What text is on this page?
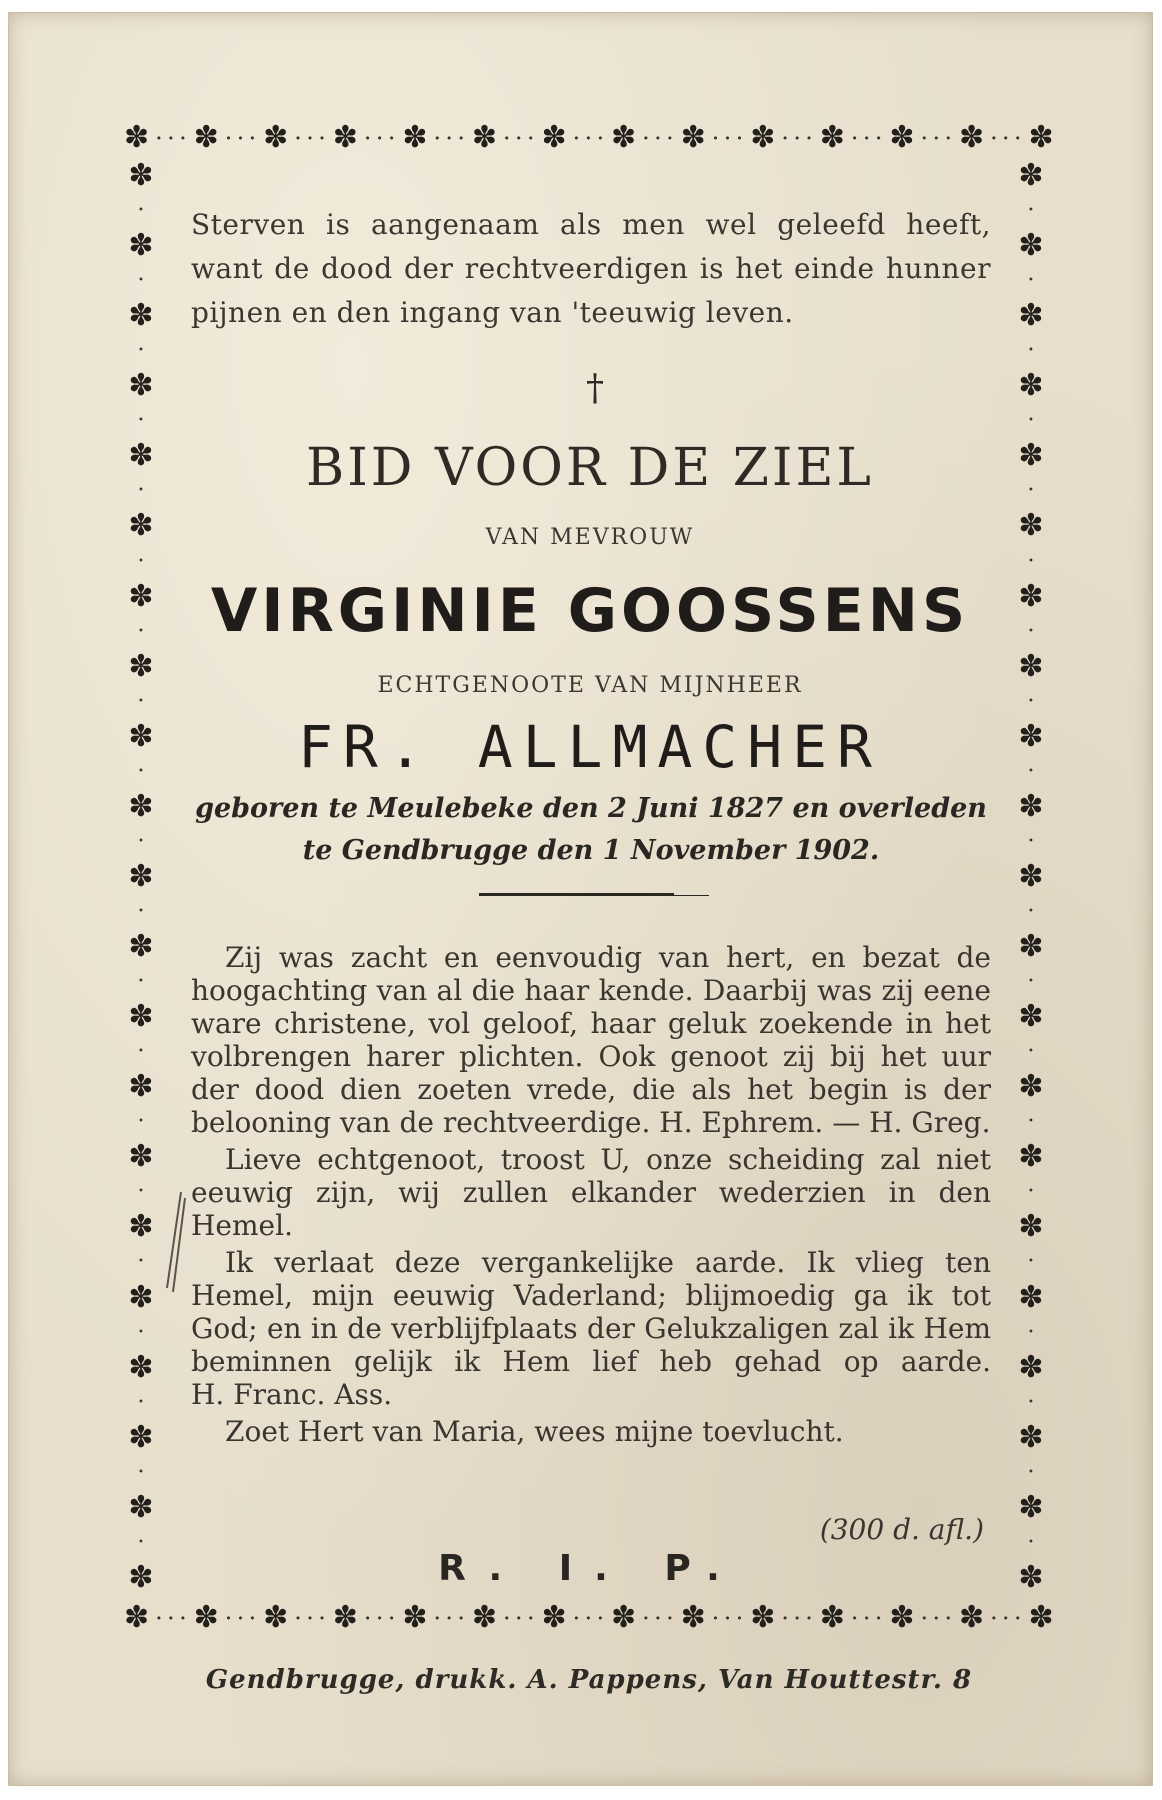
✽ • • • ✽ • • • ✽ • • • ✽ • • • ✽ • • • ✽ • • • ✽ • • • ✽ • • • ✽ • • • ✽ • • • ✽ • • • ✽ • • • ✽ • • • ✽
✽ • • • ✽ • • • ✽ • • • ✽ • • • ✽ • • • ✽ • • • ✽ • • • ✽ • • • ✽ • • • ✽ • • • ✽ • • • ✽ • • • ✽ • • • ✽
✽
•
✽
•
✽
•
✽
•
✽
•
✽
•
✽
•
✽
•
✽
•
✽
•
✽
•
✽
•
✽
•
✽
•
✽
•
✽
•
✽
•
✽
•
✽
•
✽
•
✽
✽
•
✽
•
✽
•
✽
•
✽
•
✽
•
✽
•
✽
•
✽
•
✽
•
✽
•
✽
•
✽
•
✽
•
✽
•
✽
•
✽
•
✽
•
✽
•
✽
•
✽
Sterven is aangenaam als men wel geleefd heeft, want de dood der rechtveerdigen is het einde hunner pijnen en den ingang van 'teeuwig leven.
†
BID VOOR DE ZIEL
VAN MEVROUW
VIRGINIE GOOSSENS
ECHTGENOOTE VAN MIJNHEER
FR. ALLMACHER
geboren te Meulebeke den 2 Juni 1827 en overleden te Gendbrugge den 1 November 1902.

Zij was zacht en eenvoudig van hert, en bezat de hoogachting van al die haar kende. Daarbij was zij eene ware christene, vol geloof, haar geluk zoekende in het volbrengen harer plichten. Ook genoot zij bij het uur der dood dien zoeten vrede, die als het begin is der belooning van de rechtveerdige. H. Ephrem. — H. Greg.

Lieve echtgenoot, troost U, onze scheiding zal niet eeuwig zijn, wij zullen elkander wederzien in den Hemel.

Ik verlaat deze vergankelijke aarde. Ik vlieg ten Hemel, mijn eeuwig Vaderland; blijmoedig ga ik tot God; en in de verblijfplaats der Gelukzaligen zal ik Hem beminnen gelijk ik Hem lief heb gehad op aarde. H. Franc. Ass.

Zoet Hert van Maria, wees mijne toevlucht.

(300 d. afl.)
R. I. P.
Gendbrugge, drukk. A. Pappens, Van Houttestr. 8
